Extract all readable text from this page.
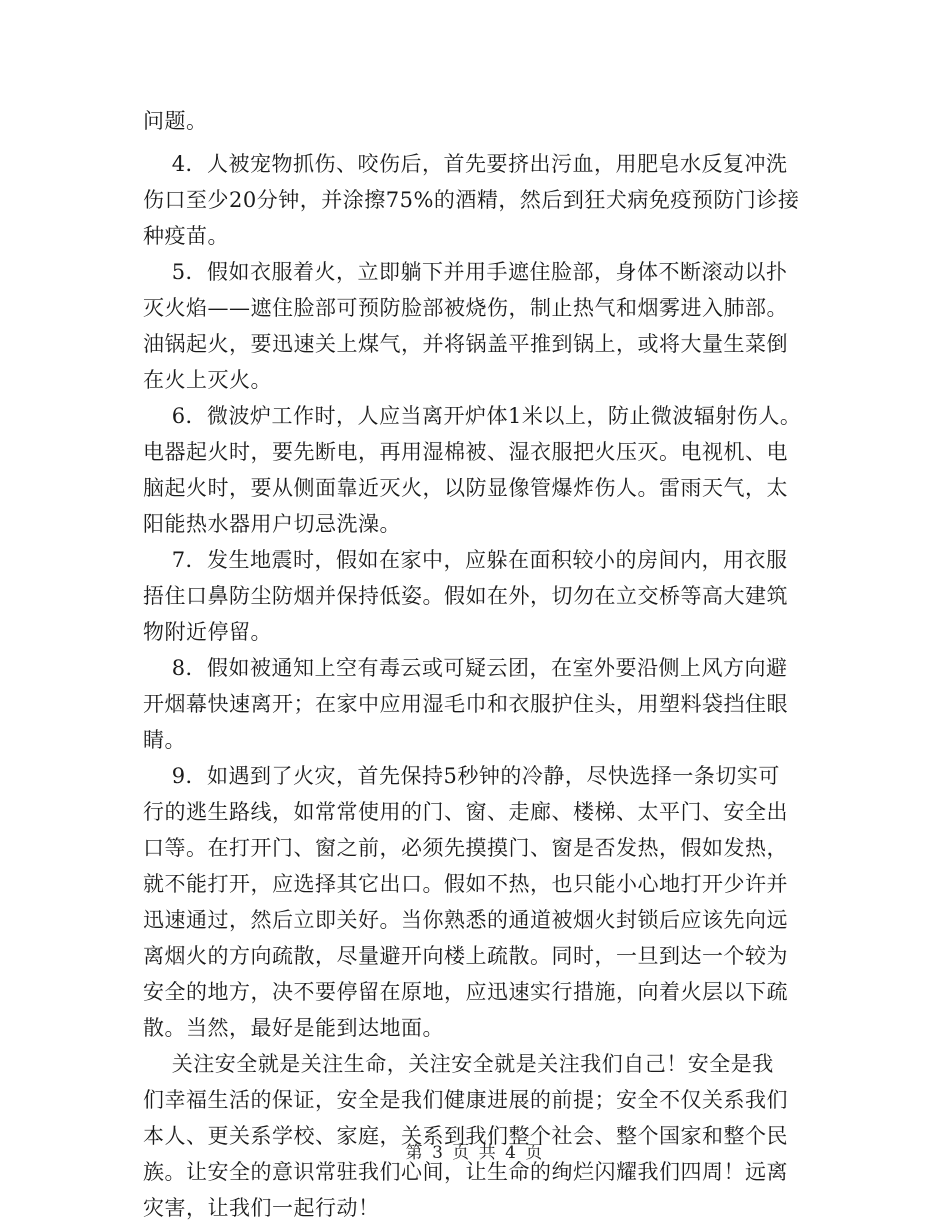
问题。
4．人被宠物抓伤、咬伤后，首先要挤出污血，用肥皂水反复冲洗
伤口至少20分钟，并涂擦75%的酒精，然后到狂犬病免疫预防门诊接
种疫苗。
5．假如衣服着火，立即躺下并用手遮住脸部，身体不断滚动以扑
灭火焰——遮住脸部可预防脸部被烧伤，制止热气和烟雾进入肺部。
油锅起火，要迅速关上煤气，并将锅盖平推到锅上，或将大量生菜倒
在火上灭火。
6．微波炉工作时，人应当离开炉体1米以上，防止微波辐射伤人。
电器起火时，要先断电，再用湿棉被、湿衣服把火压灭。电视机、电
脑起火时，要从侧面靠近灭火，以防显像管爆炸伤人。雷雨天气，太
阳能热水器用户切忌洗澡。
7．发生地震时，假如在家中，应躲在面积较小的房间内，用衣服
捂住口鼻防尘防烟并保持低姿。假如在外，切勿在立交桥等高大建筑
物附近停留。
8．假如被通知上空有毒云或可疑云团，在室外要沿侧上风方向避
开烟幕快速离开；在家中应用湿毛巾和衣服护住头，用塑料袋挡住眼
睛。
9．如遇到了火灾，首先保持5秒钟的冷静，尽快选择一条切实可
行的逃生路线，如常常使用的门、窗、走廊、楼梯、太平门、安全出
口等。在打开门、窗之前，必须先摸摸门、窗是否发热，假如发热，
就不能打开，应选择其它出口。假如不热，也只能小心地打开少许并
迅速通过，然后立即关好。当你熟悉的通道被烟火封锁后应该先向远
离烟火的方向疏散，尽量避开向楼上疏散。同时，一旦到达一个较为
安全的地方，决不要停留在原地，应迅速实行措施，向着火层以下疏
散。当然，最好是能到达地面。
关注安全就是关注生命，关注安全就是关注我们自己！安全是我
们幸福生活的保证，安全是我们健康进展的前提；安全不仅关系我们
本人、更关系学校、家庭，关系到我们整个社会、整个国家和整个民
族。让安全的意识常驻我们心间，让生命的绚烂闪耀我们四周！远离
灾害，让我们一起行动！
第 3 页 共 4 页
